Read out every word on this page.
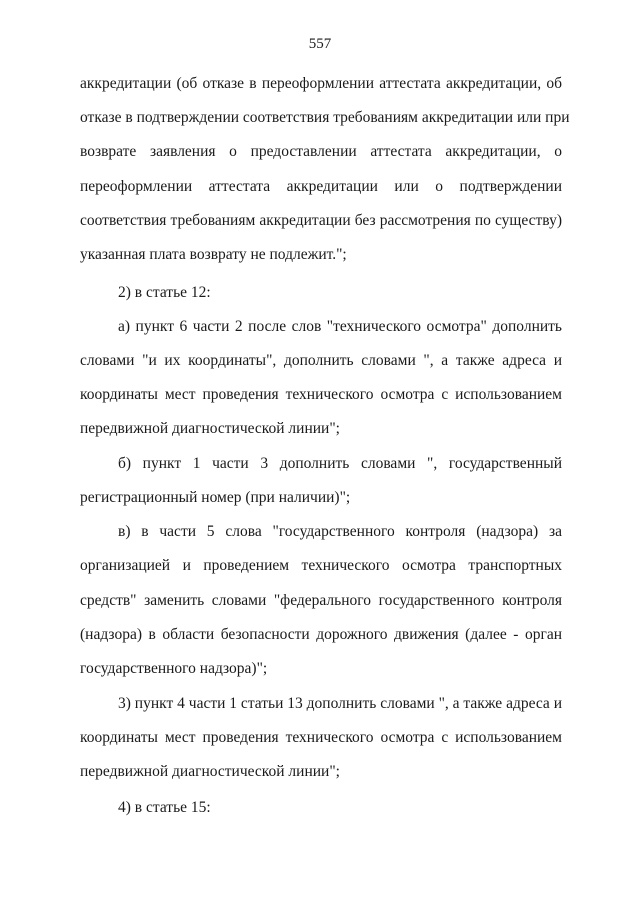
557
аккредитации (об отказе в переоформлении аттестата аккредитации, об
отказе в подтверждении соответствия требованиям аккредитации или при
возврате заявления о предоставлении аттестата аккредитации, о
переоформлении аттестата аккредитации или о подтверждении
соответствия требованиям аккредитации без рассмотрения по существу)
указанная плата возврату не подлежит.";
2) в статье 12:
а) пункт 6 части 2 после слов "технического осмотра" дополнить
словами "и их координаты", дополнить словами ", а также адреса и
координаты мест проведения технического осмотра с использованием
передвижной диагностической линии";
б) пункт 1 части 3 дополнить словами ", государственный
регистрационный номер (при наличии)";
в) в части 5 слова "государственного контроля (надзора) за
организацией и проведением технического осмотра транспортных
средств" заменить словами "федерального государственного контроля
(надзора) в области безопасности дорожного движения (далее - орган
государственного надзора)";
3) пункт 4 части 1 статьи 13 дополнить словами ", а также адреса и
координаты мест проведения технического осмотра с использованием
передвижной диагностической линии";
4) в статье 15:
